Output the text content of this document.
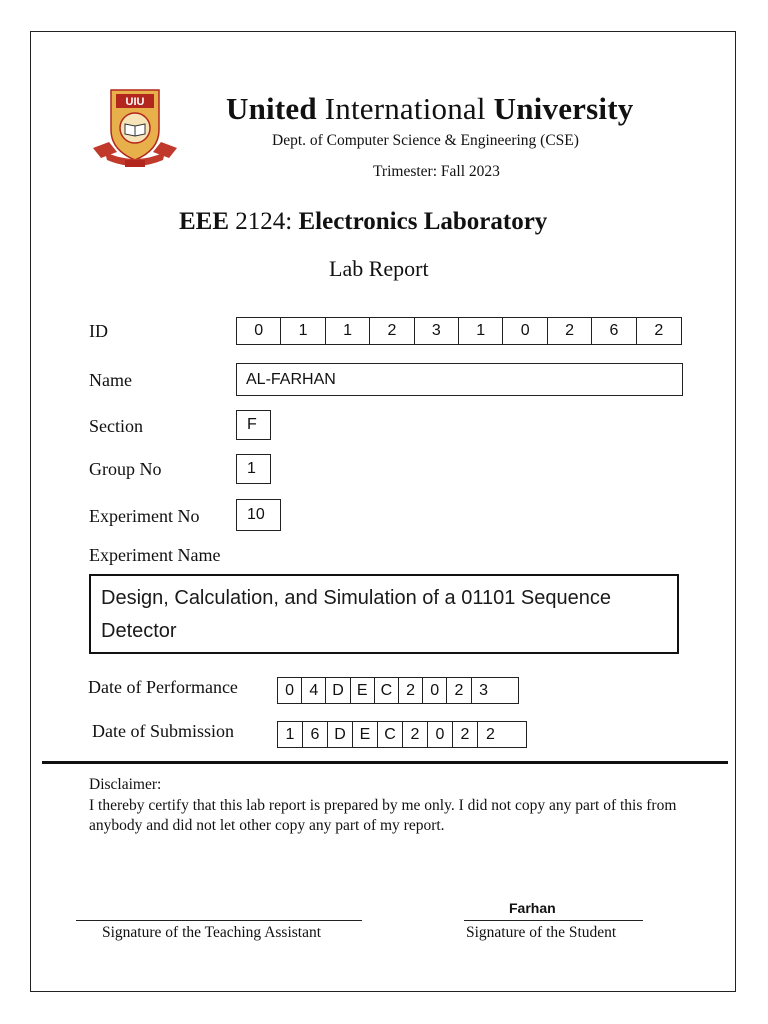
UIU	United International University
Dept. of Computer Science & Engineering (CSE)
Trimester: Fall 2023
EEE 2124: Electronics Laboratory
Lab Report
ID	0	1	1	2	3	1	0	2	6	2
Name	AL-FARHAN
Section	F
Group No	1
Experiment No	10
Experiment Name
Design, Calculation, and Simulation of a 01101 Sequence Detector
Date of Performance	0 4 D E C 2 0 2 3
Date of Submission	1	6 D E C 2	0	2	2
Disclaimer:
I thereby certify that this lab report is prepared by me only. I did not copy any part of this from anybody and did not let other copy any part of my report.
Farhan
Signature of the Teaching Assistant	Signature of the Student
